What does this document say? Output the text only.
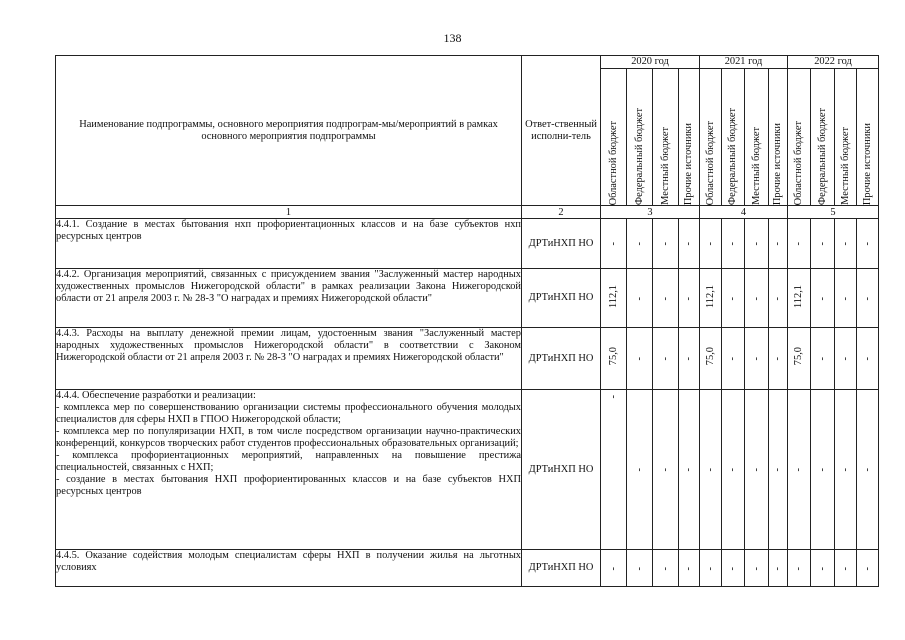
138
Наименование подпрограммы, основного мероприятия подпрограм-мы/мероприятий в рамках основного мероприятия подпрограммы	Ответ-ственный исполни-тель	2020 год				2021 год				2022 год			

		Областной бюджет	Федеральный бюджет	Местный бюджет	Прочие источники	Областной бюджет	Федеральный бюджет	Местный бюджет	Прочие источники	Областной бюджет	Федеральный бюджет	Местный бюджет	Прочие источники

1	2	3				4				5			
4.4.1. Создание в местах бытования нхп профориентационных классов и на базе субъектов нхп ресурсных центров	ДРТиНХП НО	-	-	-	-	-	-	-	-	-	-	-	-
4.4.2. Организация мероприятий, связанных с присуждением звания "Заслуженный мастер народных художественных промыслов Нижегородской области" в рамках реализации Закона Нижегородской области от 21 апреля 2003 г. № 28-З "О наградах и премиях Нижегородской области"	ДРТиНХП НО	112,1	-	-	-	112,1	-	-	-	112,1	-	-	-
4.4.3. Расходы на выплату денежной премии лицам, удостоенным звания "Заслуженный мастер народных художественных промыслов Нижегородской области" в соответствии с Законом Нижегородской области от 21 апреля 2003 г. № 28-З "О наградах и премиях Нижегородской области"	ДРТиНХП НО	75,0	-	-	-	75,0	-	-	-	75,0	-	-	-

4.4.4. Обеспечение разработки и реализации:
- комплекса мер по совершенствованию организации системы профессионального обучения молодых специалистов для сферы НХП в ГПОО Нижегородской области;
- комплекса мер по популяризации НХП, в том числе посредством организации научно-практических конференций, конкурсов творческих работ студентов профессиональных образовательных организаций;
- комплекса профориентационных мероприятий, направленных на повышение престижа специальностей, связанных с НХП;
- создание в местах бытования НХП профориентированных классов и на базе субъектов НХП ресурсных центров	ДРТиНХП НО	-	-	-	-	-	-	-	-	-	-	-	-
4.4.5. Оказание содействия молодым специалистам сферы НХП в получении жилья на льготных условиях	ДРТиНХП НО	-	-	-	-	-	-	-	-	-	-	-	-
